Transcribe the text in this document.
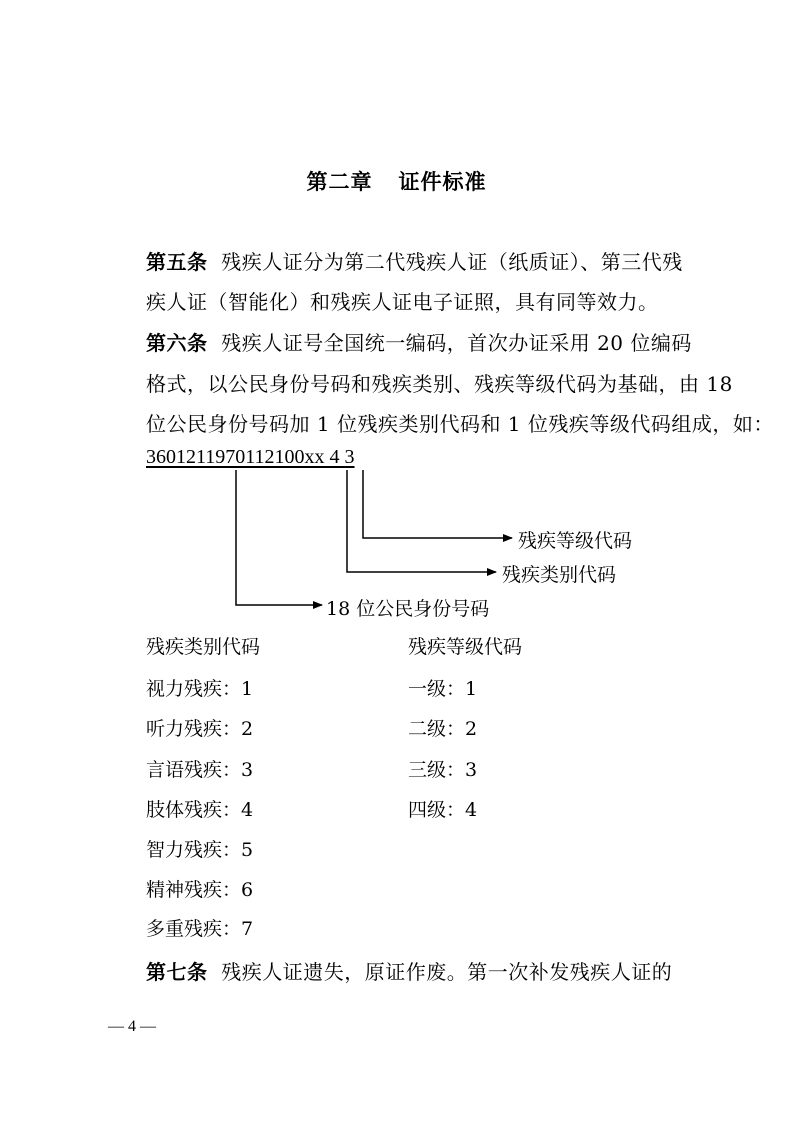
第二章 证件标准
第五条 残疾人证分为第二代残疾人证（纸质证）、第三代残
疾人证（智能化）和残疾人证电子证照，具有同等效力。
第六条 残疾人证号全国统一编码，首次办证采用 20 位编码
格式，以公民身份号码和残疾类别、残疾等级代码为基础，由 18
位公民身份号码加 1 位残疾类别代码和 1 位残疾等级代码组成，如：
3601211970112100xx 4 3
残疾等级代码
残疾类别代码
18 位公民身份号码
残疾类别代码
视力残疾：1
听力残疾：2
言语残疾：3
肢体残疾：4
智力残疾：5
精神残疾：6
多重残疾：7
残疾等级代码
一级：1
二级：2
三级：3
四级：4
第七条 残疾人证遗失，原证作废。第一次补发残疾人证的
— 4 —
